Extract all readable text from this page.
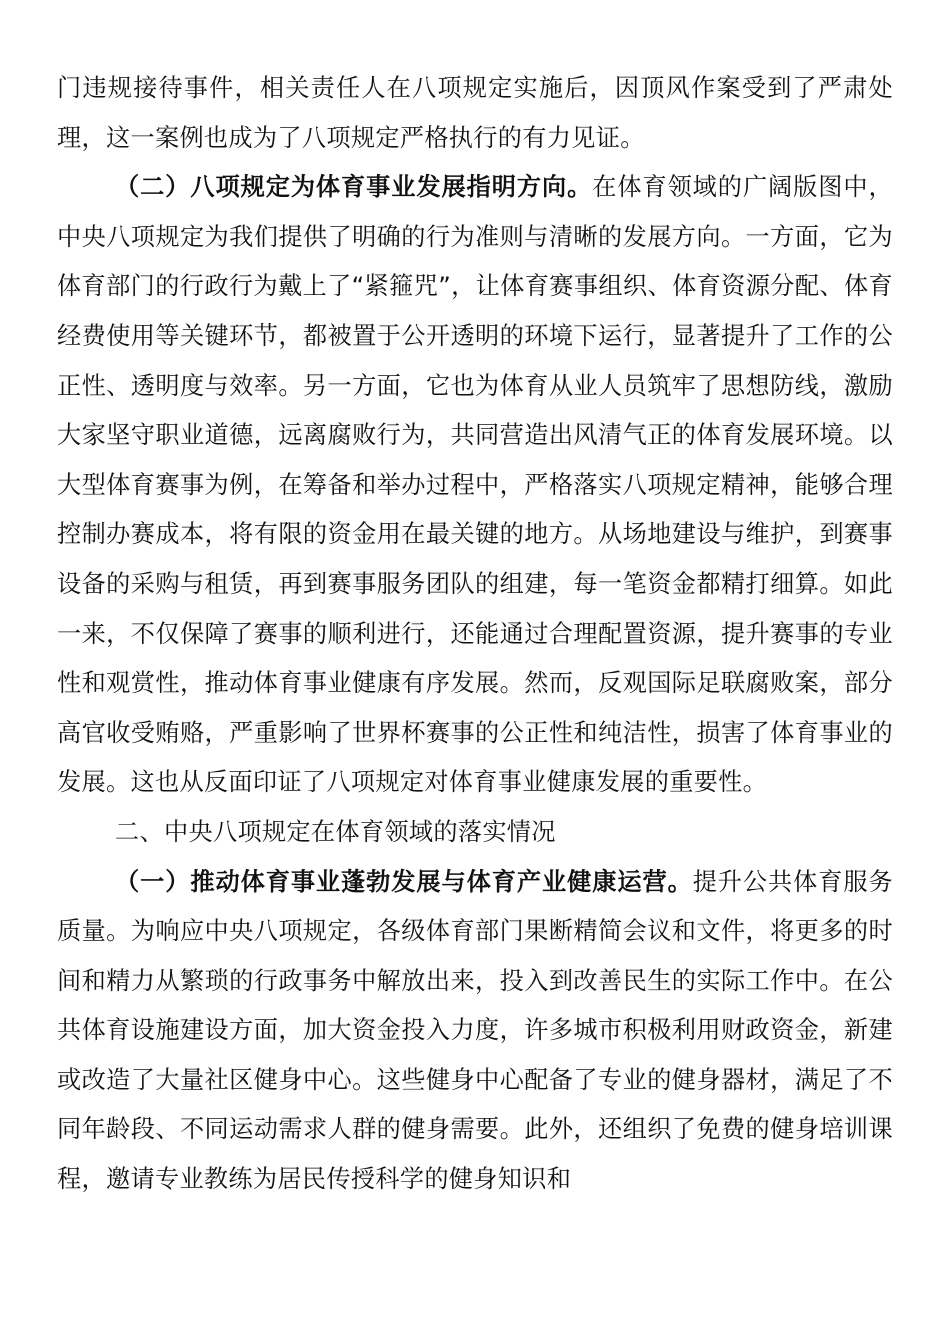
门违规接待事件，相关责任人在八项规定实施后，因顶风作案受到了严肃处理，这一案例也成为了八项规定严格执行的有力见证。

（二）八项规定为体育事业发展指明方向。在体育领域的广阔版图中，中央八项规定为我们提供了明确的行为准则与清晰的发展方向。一方面，它为体育部门的行政行为戴上了“紧箍咒”，让体育赛事组织、体育资源分配、体育经费使用等关键环节，都被置于公开透明的环境下运行，显著提升了工作的公正性、透明度与效率。另一方面，它也为体育从业人员筑牢了思想防线，激励大家坚守职业道德，远离腐败行为，共同营造出风清气正的体育发展环境。以大型体育赛事为例，在筹备和举办过程中，严格落实八项规定精神，能够合理控制办赛成本，将有限的资金用在最关键的地方。从场地建设与维护，到赛事设备的采购与租赁，再到赛事服务团队的组建，每一笔资金都精打细算。如此一来，不仅保障了赛事的顺利进行，还能通过合理配置资源，提升赛事的专业性和观赏性，推动体育事业健康有序发展。然而，反观国际足联腐败案，部分高官收受贿赂，严重影响了世界杯赛事的公正性和纯洁性，损害了体育事业的发展。这也从反面印证了八项规定对体育事业健康发展的重要性。

二、中央八项规定在体育领域的落实情况

（一）推动体育事业蓬勃发展与体育产业健康运营。提升公共体育服务质量。为响应中央八项规定，各级体育部门果断精简会议和文件，将更多的时间和精力从繁琐的行政事务中解放出来，投入到改善民生的实际工作中。在公共体育设施建设方面，加大资金投入力度，许多城市积极利用财政资金，新建或改造了大量社区健身中心。这些健身中心配备了专业的健身器材，满足了不同年龄段、不同运动需求人群的健身需要。此外，还组织了免费的健身培训课程，邀请专业教练为居民传授科学的健身知识和
